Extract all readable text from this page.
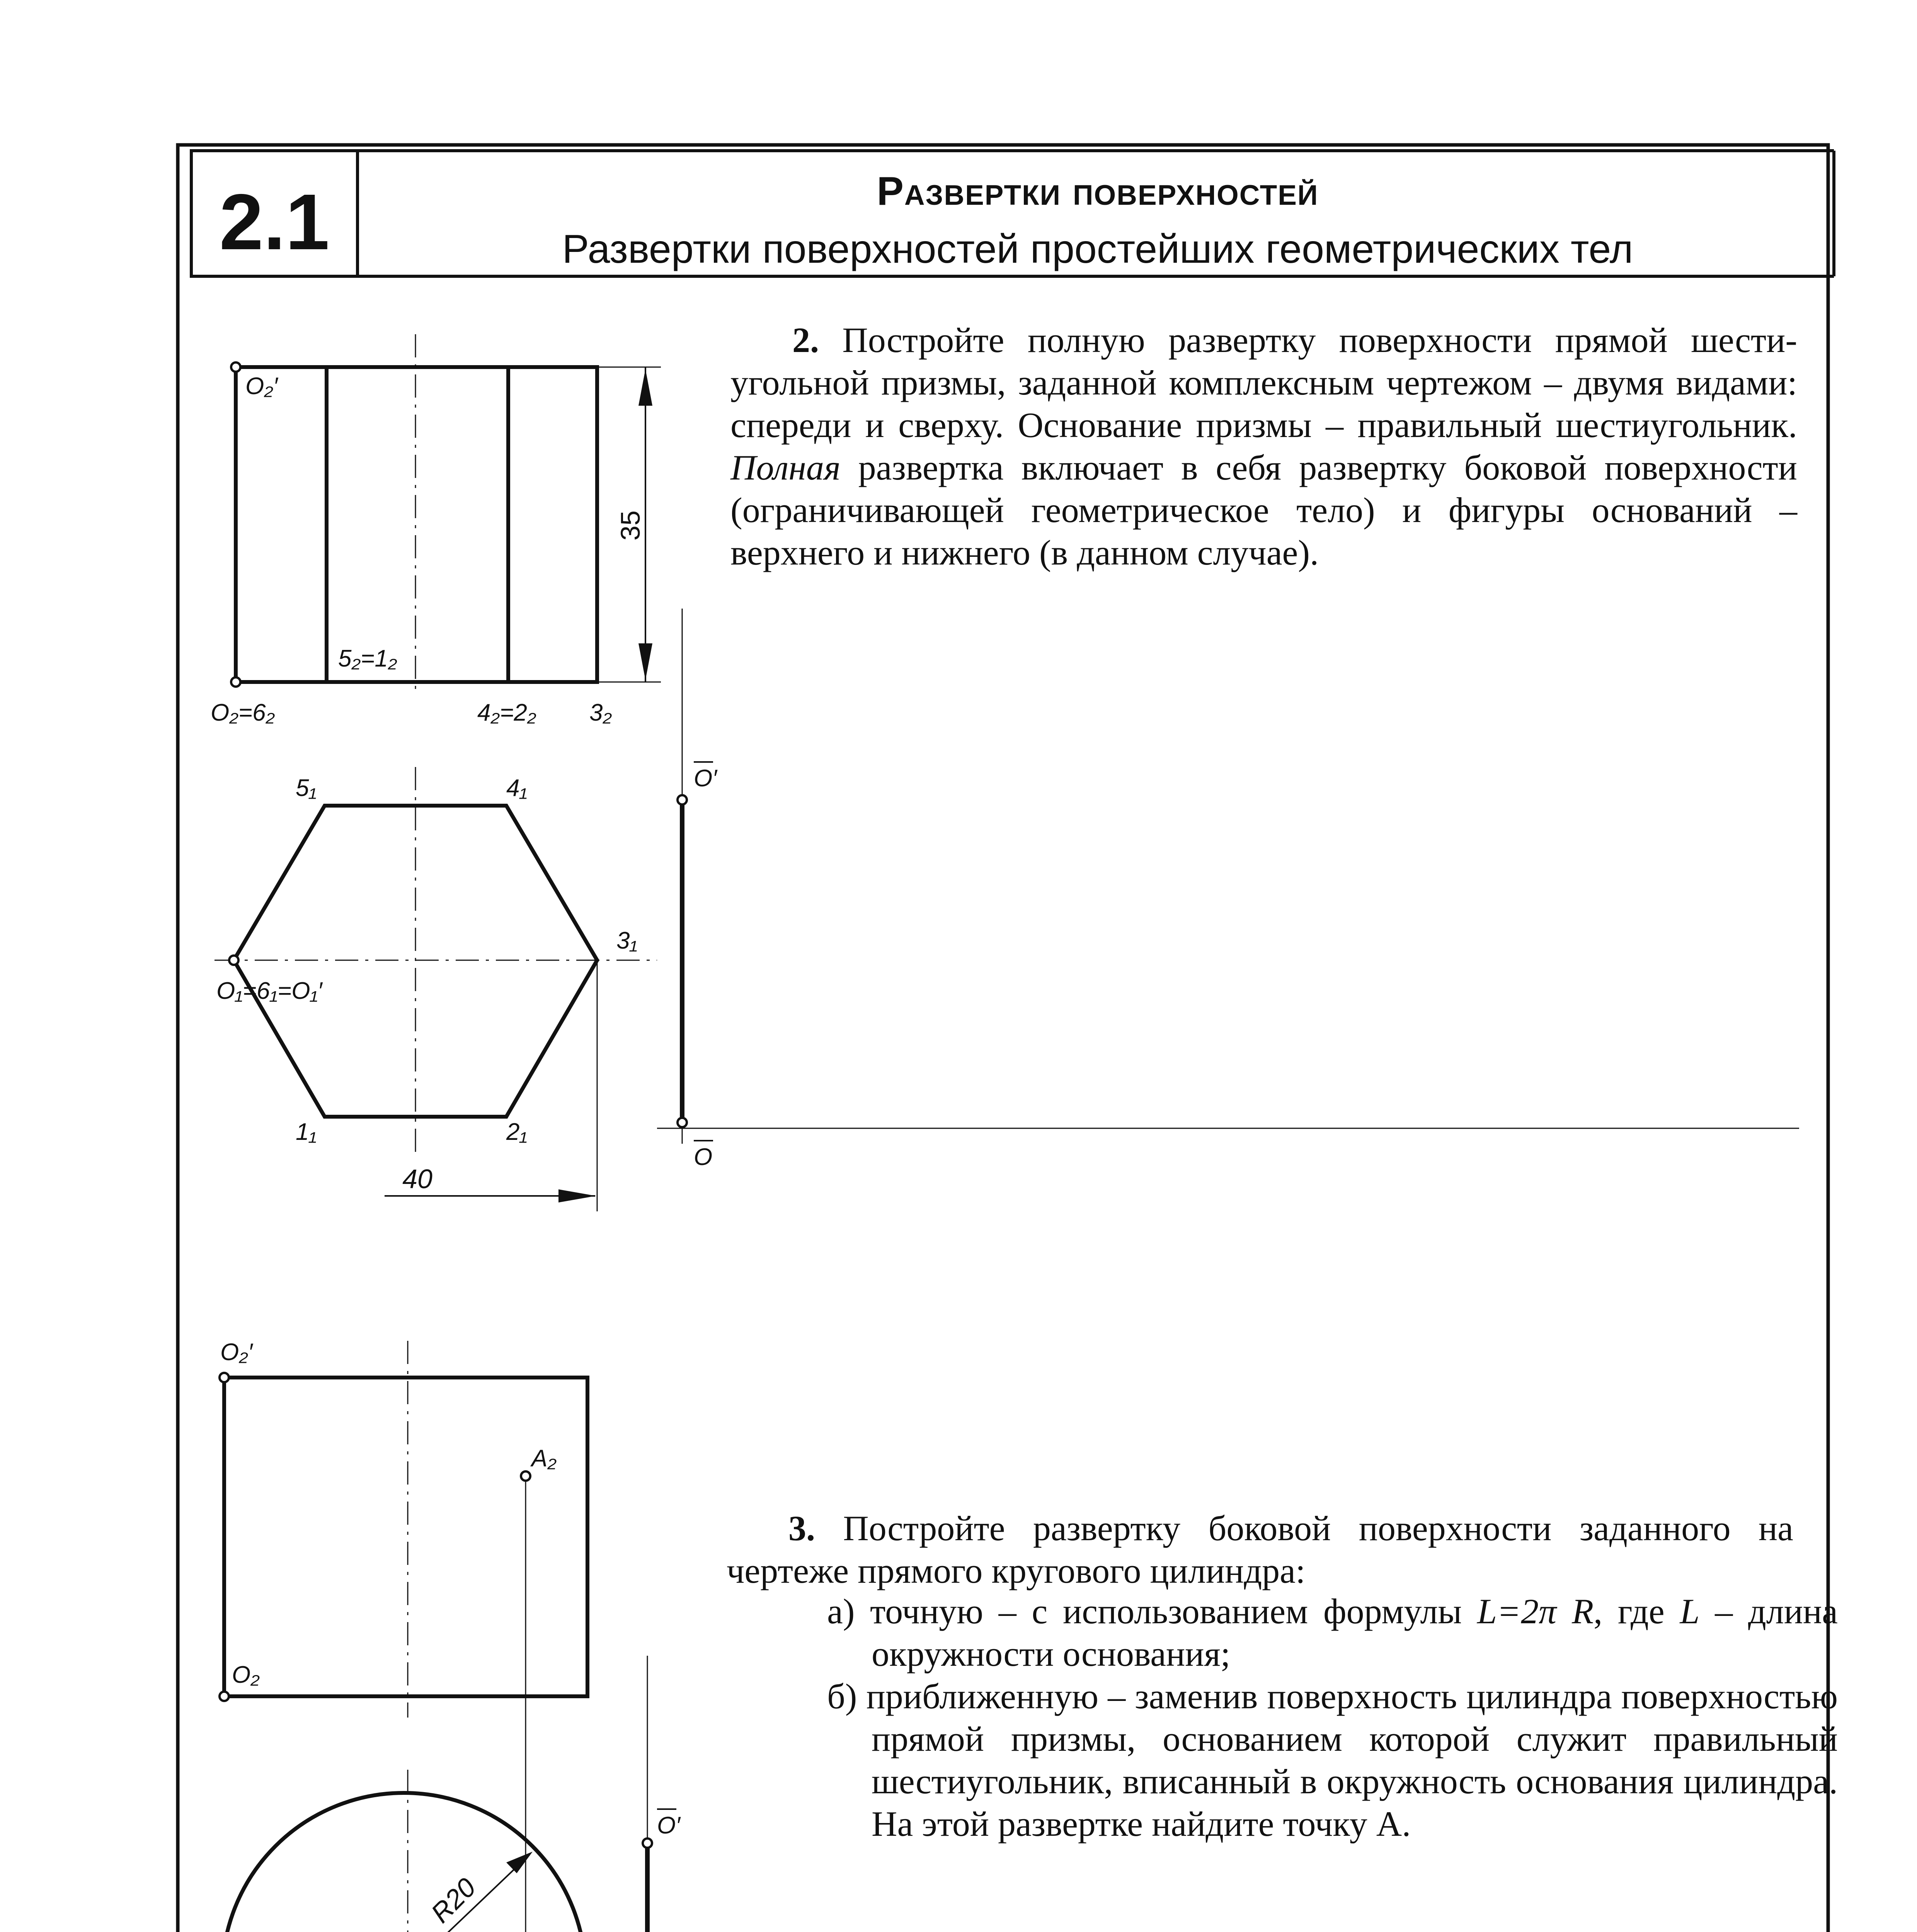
2.1	Развертки поверхностей
Развертки поверхностей простейших геометрических тел
O₂′
O₂=6₂
5₂=1₂
4₂=2₂ 3₂
35
5₁	4₁
3₁
O₁=6₁=O₁′
1₁	2₁
40
O′
O
O₂′
A₂
O₂
R20
O′

2. Постройте полную развертку поверхности прямой шести-угольной призмы, заданной комплексным чертежом – двумя видами: спереди и сверху. Основание призмы – правильный шестиугольник. Полная развертка включает в себя развертку боковой поверхности (ограничивающей геометрическое тело) и фигуры оснований – верхнего и нижнего (в данном случае).

3. Постройте развертку боковой поверхности заданного на чертеже прямого кругового цилиндра:

а) точную – с использованием формулы L=2π R, где L – длина окружности основания;
б) приближенную – заменив поверхность цилиндра поверхностью прямой призмы, основанием которой служит правильный шестиугольник, вписанный в окружность основания цилиндра. На этой развертке найдите точку А.
